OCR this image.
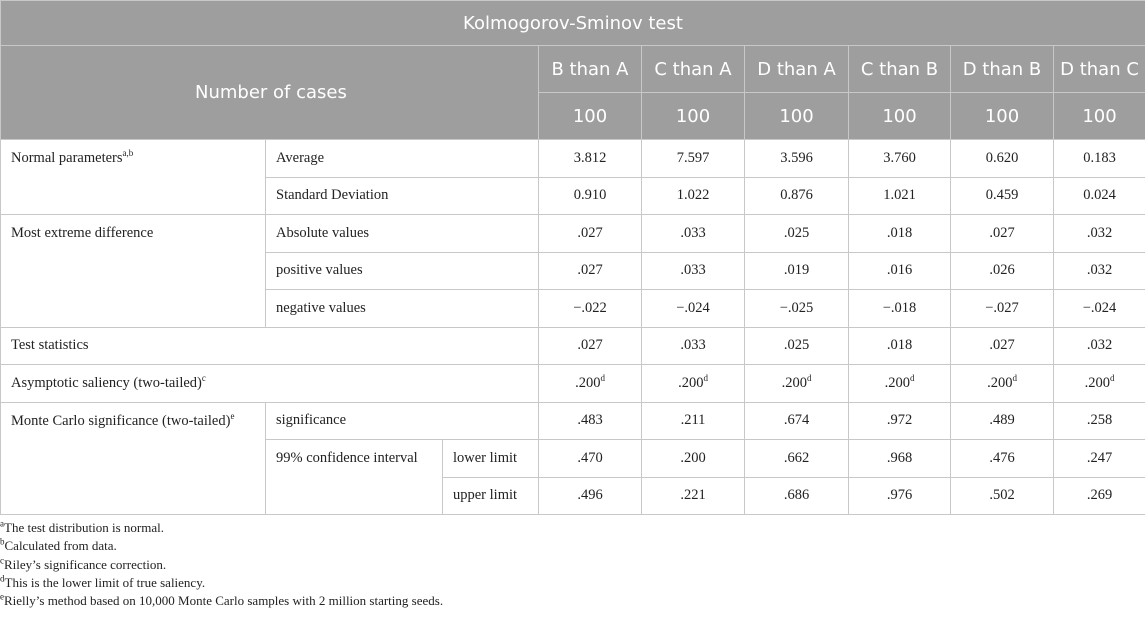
Kolmogorov-Sminov test								
Number of cases			B than A	C than A	D than A	C than B	D than B	D than C
			100	100	100	100	100	100
Normal parameters$^{a,b}$	Average		3.812	7.597	3.596	3.760	0.620	0.183
	Standard Deviation		0.910	1.022	0.876	1.021	0.459	0.024
Most extreme difference	Absolute values		.027	.033	.025	.018	.027	.032
	positive values		.027	.033	.019	.016	.026	.032
	negative values		−.022	−.024	−.025	−.018	−.027	−.024
Test statistics			.027	.033	.025	.018	.027	.032
Asymptotic saliency (two-tailed)$^c$			.200$^d$	.200$^d$	.200$^d$	.200$^d$	.200$^d$	.200$^d$
Monte Carlo significance (two-tailed)$^e$	significance		.483	.211	.674	.972	.489	.258
	99% confidence interval	lower limit	.470	.200	.662	.968	.476	.247
		upper limit	.496	.221	.686	.976	.502	.269
$^a$The test distribution is normal.
$^b$Calculated from data.
$^c$Riley’s significance correction.
$^d$This is the lower limit of true saliency.
$^e$Rielly’s method based on 10,000 Monte Carlo samples with 2 million starting seeds.
